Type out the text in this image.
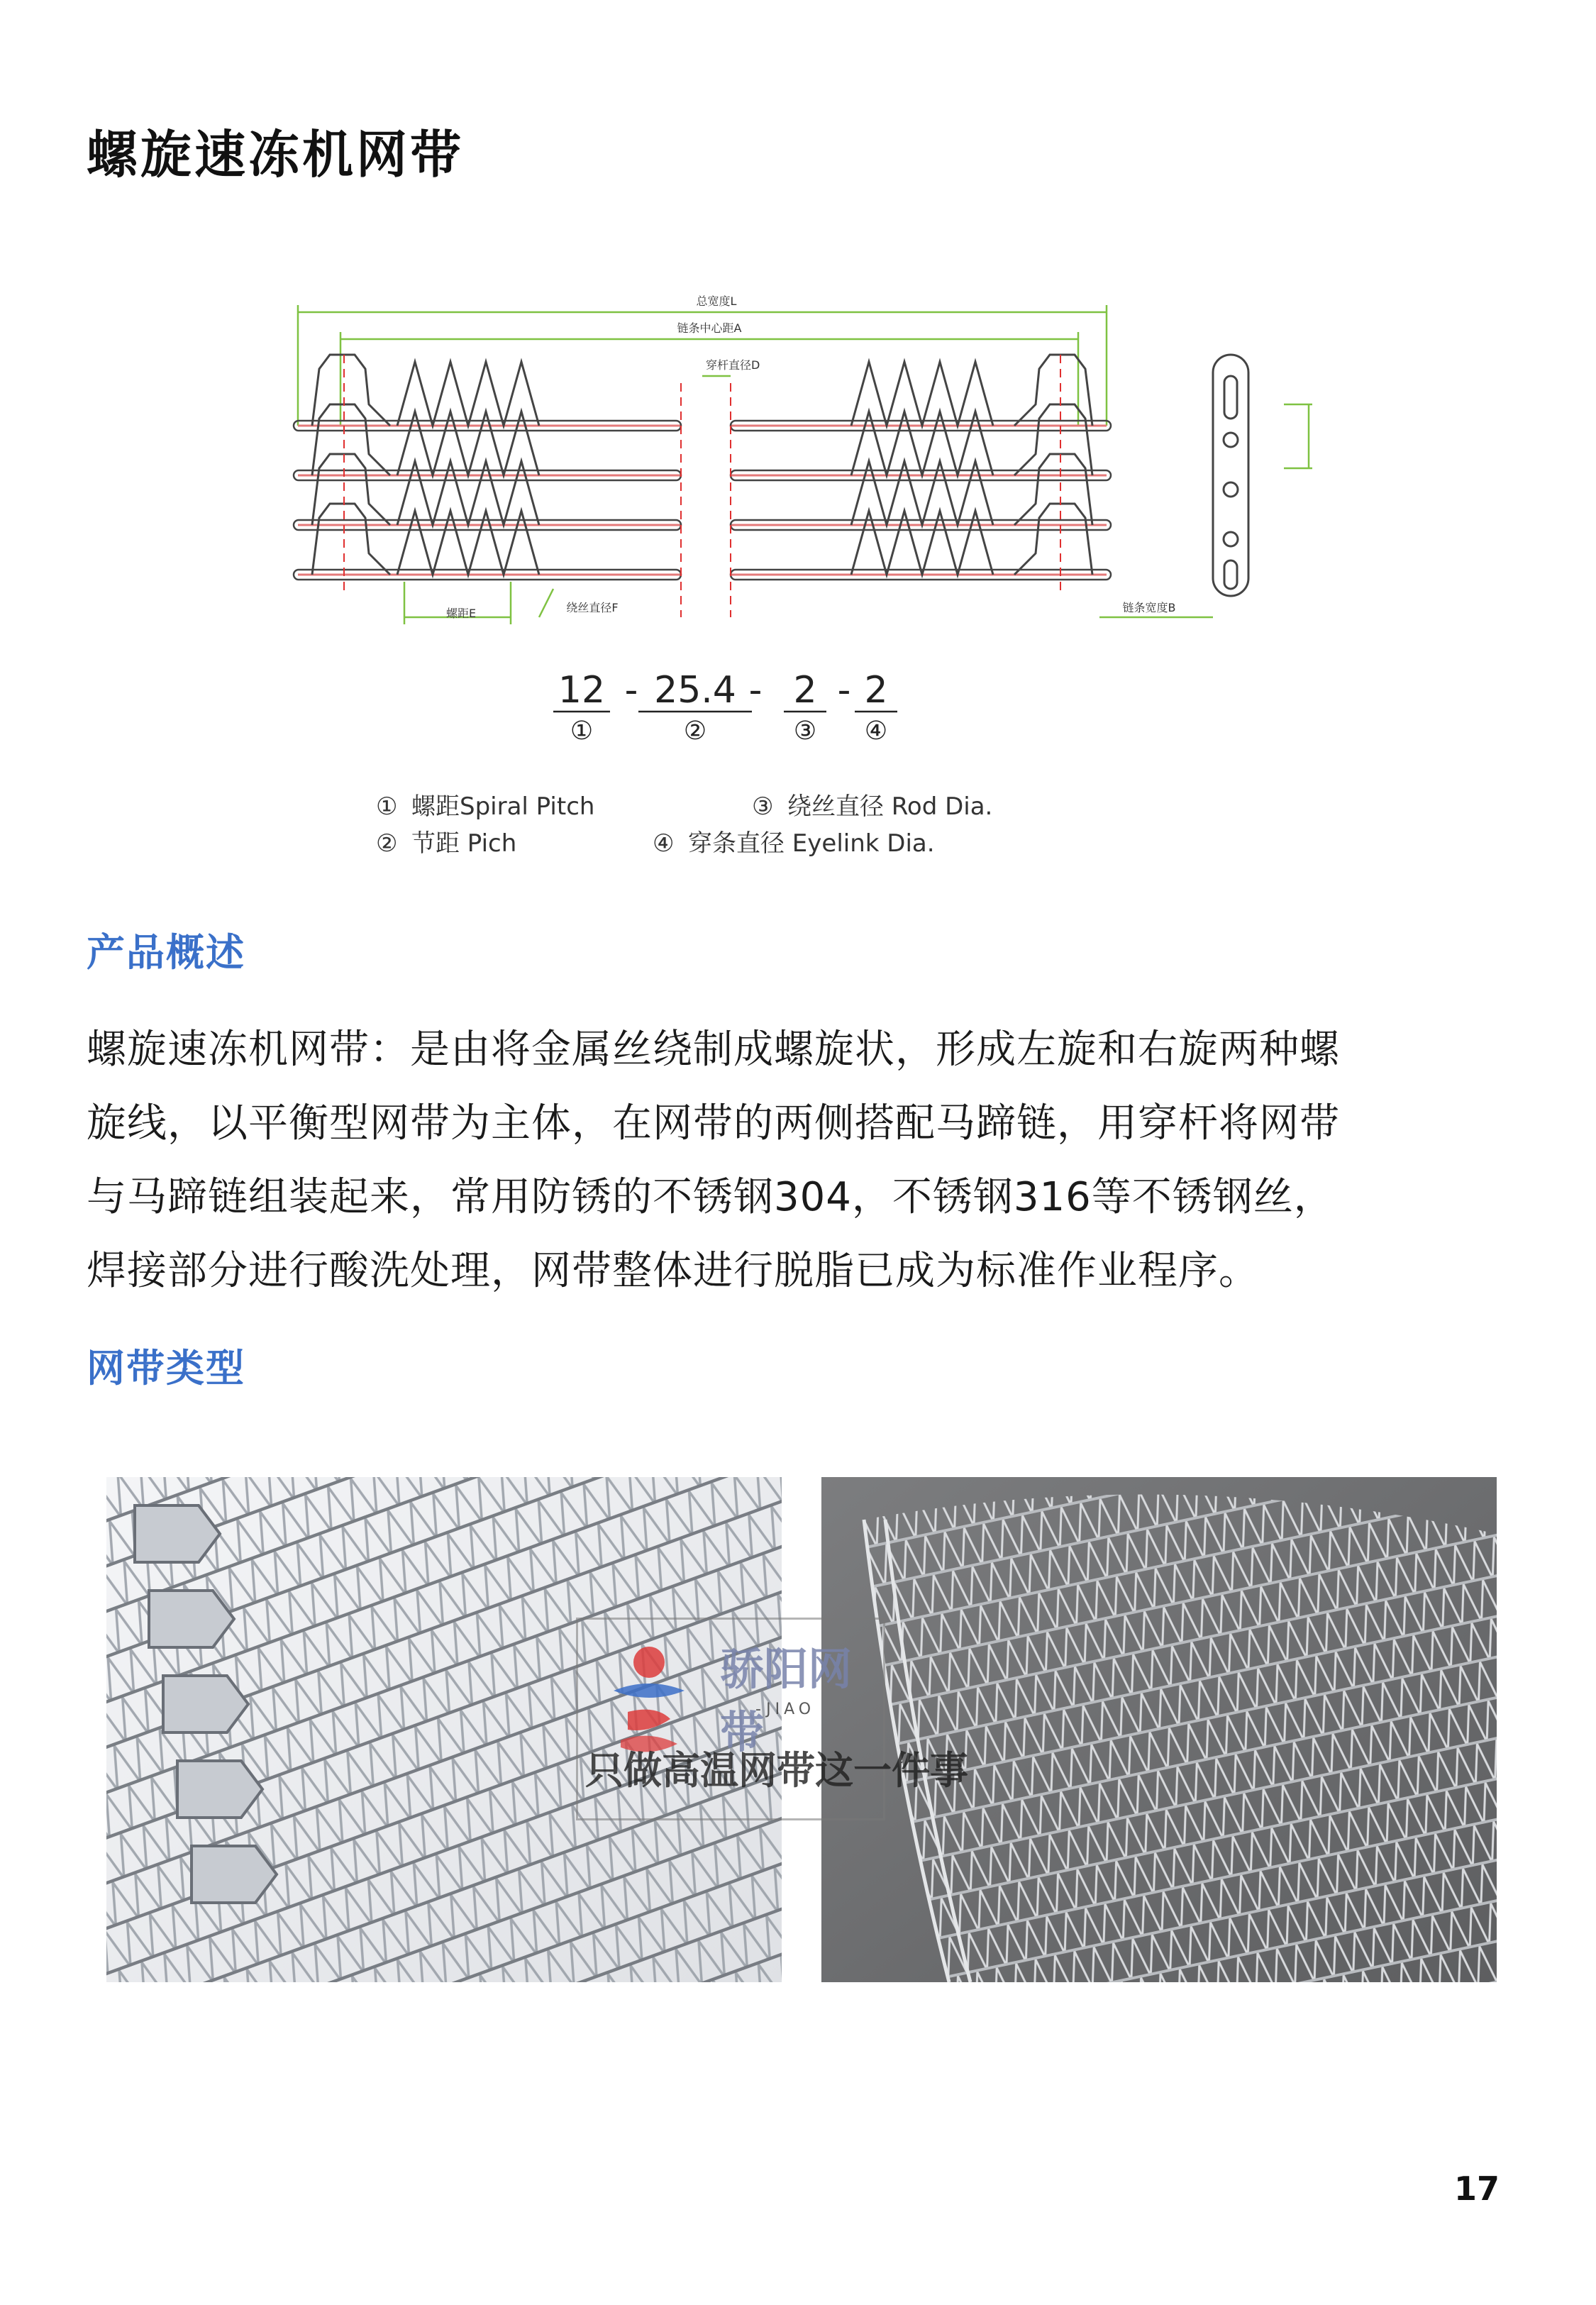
螺旋速冻机网带
总宽度L
链条中心距A
穿杆直径D
螺距E	绕丝直径F	链条宽度B
12 - 25.4 - 2 - 2
①	②	③ ④
① 螺距Spiral Pitch	③ 绕丝直径 Rod Dia.
② 节距 Pich	④ 穿条直径 Eyelink Dia.
产品概述
螺旋速冻机网带：是由将金属丝绕制成螺旋状，形成左旋和右旋两种螺
旋线，以平衡型网带为主体，在网带的两侧搭配马蹄链，用穿杆将网带
与马蹄链组装起来，常用防锈的不锈钢304，不锈钢316等不锈钢丝，
焊接部分进行酸洗处理，网带整体进行脱脂已成为标准作业程序。
网带类型
骄阳网带
-JIAO
只做高温网带这一件事
17
